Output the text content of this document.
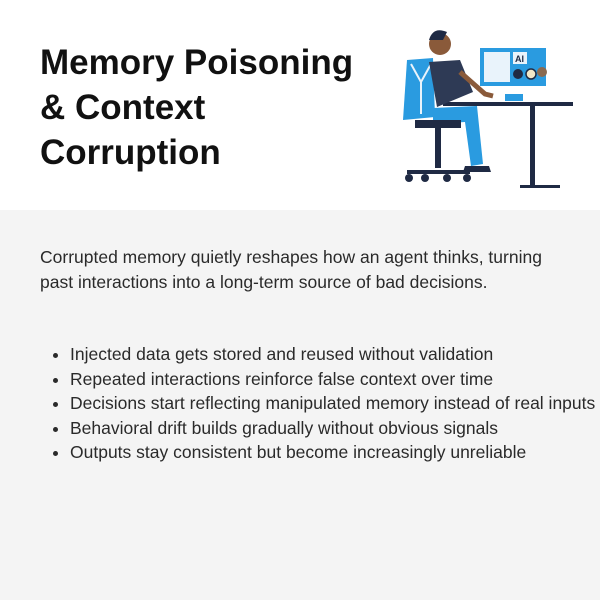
Memory Poisoning & Context Corruption
AI

Corrupted memory quietly reshapes how an agent thinks, turning past interactions into a long-term source of bad decisions.

• Injected data gets stored and reused without validation
• Repeated interactions reinforce false context over time
• Decisions start reflecting manipulated memory instead of real inputs
• Behavioral drift builds gradually without obvious signals
• Outputs stay consistent but become increasingly unreliable
